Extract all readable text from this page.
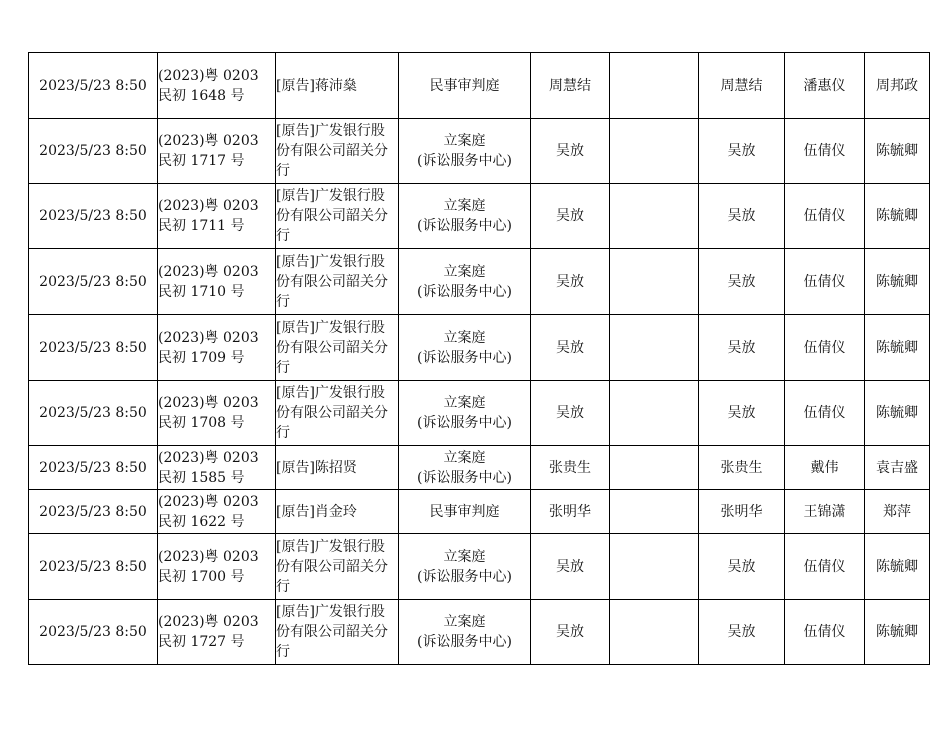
2023/5/23 8:50	(2023)粤 0203
民初 1648 号	[原告]蒋沛燊	民事审判庭	周慧结		周慧结	潘惠仪	周邦政
2023/5/23 8:50	(2023)粤 0203
民初 1717 号	[原告]广发银行股份有限公司韶关分行	立案庭
(诉讼服务中心)	吴放		吴放	伍倩仪	陈毓卿
2023/5/23 8:50	(2023)粤 0203
民初 1711 号	[原告]广发银行股份有限公司韶关分行	立案庭
(诉讼服务中心)	吴放		吴放	伍倩仪	陈毓卿
2023/5/23 8:50	(2023)粤 0203
民初 1710 号	[原告]广发银行股份有限公司韶关分行	立案庭
(诉讼服务中心)	吴放		吴放	伍倩仪	陈毓卿
2023/5/23 8:50	(2023)粤 0203
民初 1709 号	[原告]广发银行股份有限公司韶关分行	立案庭
(诉讼服务中心)	吴放		吴放	伍倩仪	陈毓卿
2023/5/23 8:50	(2023)粤 0203
民初 1708 号	[原告]广发银行股份有限公司韶关分行	立案庭
(诉讼服务中心)	吴放		吴放	伍倩仪	陈毓卿
2023/5/23 8:50	(2023)粤 0203
民初 1585 号	[原告]陈招贤	立案庭
(诉讼服务中心)	张贵生		张贵生	戴伟	袁吉盛
2023/5/23 8:50	(2023)粤 0203
民初 1622 号	[原告]肖金玲	民事审判庭	张明华		张明华	王锦潇	郑萍
2023/5/23 8:50	(2023)粤 0203
民初 1700 号	[原告]广发银行股份有限公司韶关分行	立案庭
(诉讼服务中心)	吴放		吴放	伍倩仪	陈毓卿
2023/5/23 8:50	(2023)粤 0203
民初 1727 号	[原告]广发银行股份有限公司韶关分行	立案庭
(诉讼服务中心)	吴放		吴放	伍倩仪	陈毓卿
